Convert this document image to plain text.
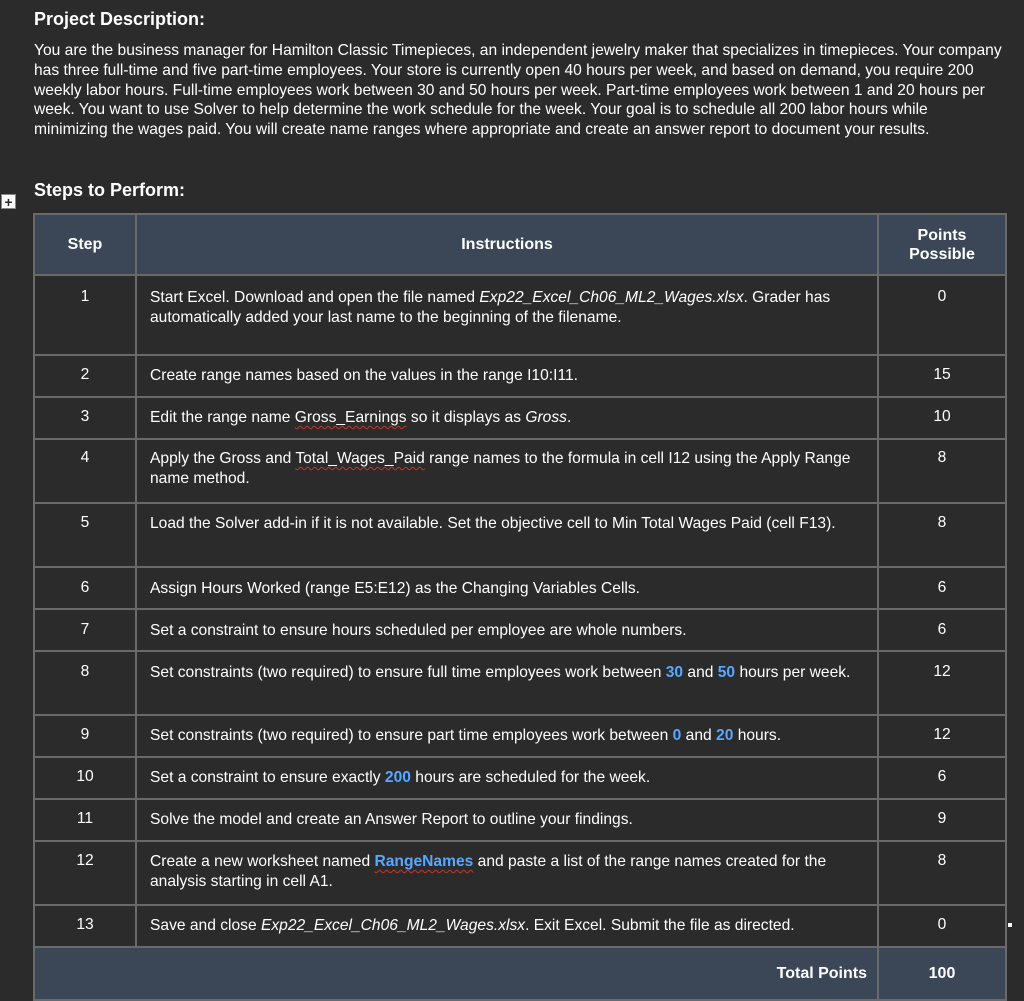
Project Description:

You are the business manager for Hamilton Classic Timepieces, an independent jewelry maker that specializes in timepieces. Your company has three full-time and five part-time employees. Your store is currently open 40 hours per week, and based on demand, you require 200 weekly labor hours. Full-time employees work between 30 and 50 hours per week. Part-time employees work between 1 and 20 hours per week. You want to use Solver to help determine the work schedule for the week. Your goal is to schedule all 200 labor hours while minimizing the wages paid. You will create name ranges where appropriate and create an answer report to document your results.

+
Steps to Perform:
Step	Instructions	Points Possible

1	Start Excel. Download and open the file named Exp22_Excel_Ch06_ML2_Wages.xlsx. Grader has automatically added your last name to the beginning of the filename.	0

2	Create range names based on the values in the range I10:I11.	15

3	Edit the range name Gross_Earnings so it displays as Gross.	10

4	Apply the Gross and Total_Wages_Paid range names to the formula in cell I12 using the Apply Range name method.	8

5	Load the Solver add-in if it is not available. Set the objective cell to Min Total Wages Paid (cell F13).	8

6	Assign Hours Worked (range E5:E12) as the Changing Variables Cells.	6

7	Set a constraint to ensure hours scheduled per employee are whole numbers.	6

8	Set constraints (two required) to ensure full time employees work between 30 and 50 hours per week.	12

9	Set constraints (two required) to ensure part time employees work between 0 and 20 hours.	12

10	Set a constraint to ensure exactly 200 hours are scheduled for the week.	6

11	Solve the model and create an Answer Report to outline your findings.	9

12	Create a new worksheet named RangeNames and paste a list of the range names created for the analysis starting in cell A1.	8

13	Save and close Exp22_Excel_Ch06_ML2_Wages.xlsx. Exit Excel. Submit the file as directed.	0

Total Points		100
